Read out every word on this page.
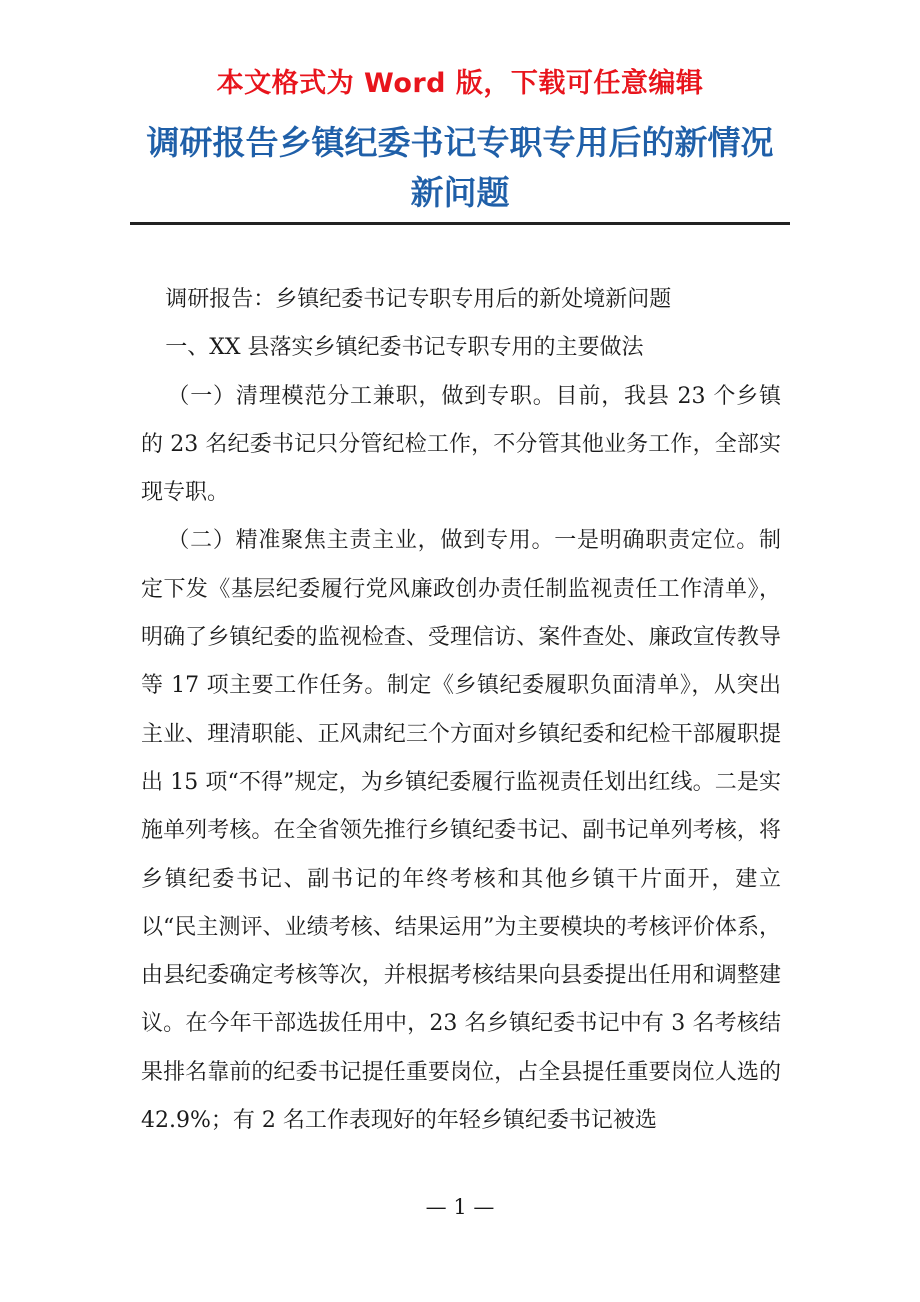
本文格式为 Word 版，下载可任意编辑
调研报告乡镇纪委书记专职专用后的新情况新问题

调研报告：乡镇纪委书记专职专用后的新处境新问题

一、XX 县落实乡镇纪委书记专职专用的主要做法

（一）清理模范分工兼职，做到专职。目前，我县 23 个乡镇的 23 名纪委书记只分管纪检工作，不分管其他业务工作，全部实现专职。

（二）精准聚焦主责主业，做到专用。一是明确职责定位。制定下发《基层纪委履行党风廉政创办责任制监视责任工作清单》，明确了乡镇纪委的监视检查、受理信访、案件查处、廉政宣传教导等 17 项主要工作任务。制定《乡镇纪委履职负面清单》，从突出主业、理清职能、正风肃纪三个方面对乡镇纪委和纪检干部履职提出 15 项“不得”规定，为乡镇纪委履行监视责任划出红线。二是实施单列考核。在全省领先推行乡镇纪委书记、副书记单列考核，将乡镇纪委书记、副书记的年终考核和其他乡镇干片面开，建立以“民主测评、业绩考核、结果运用”为主要模块的考核评价体系，由县纪委确定考核等次，并根据考核结果向县委提出任用和调整建议。在今年干部选拔任用中，23 名乡镇纪委书记中有 3 名考核结果排名靠前的纪委书记提任重要岗位，占全县提任重要岗位人选的 42.9%；有 2 名工作表现好的年轻乡镇纪委书记被选

— 1 —
